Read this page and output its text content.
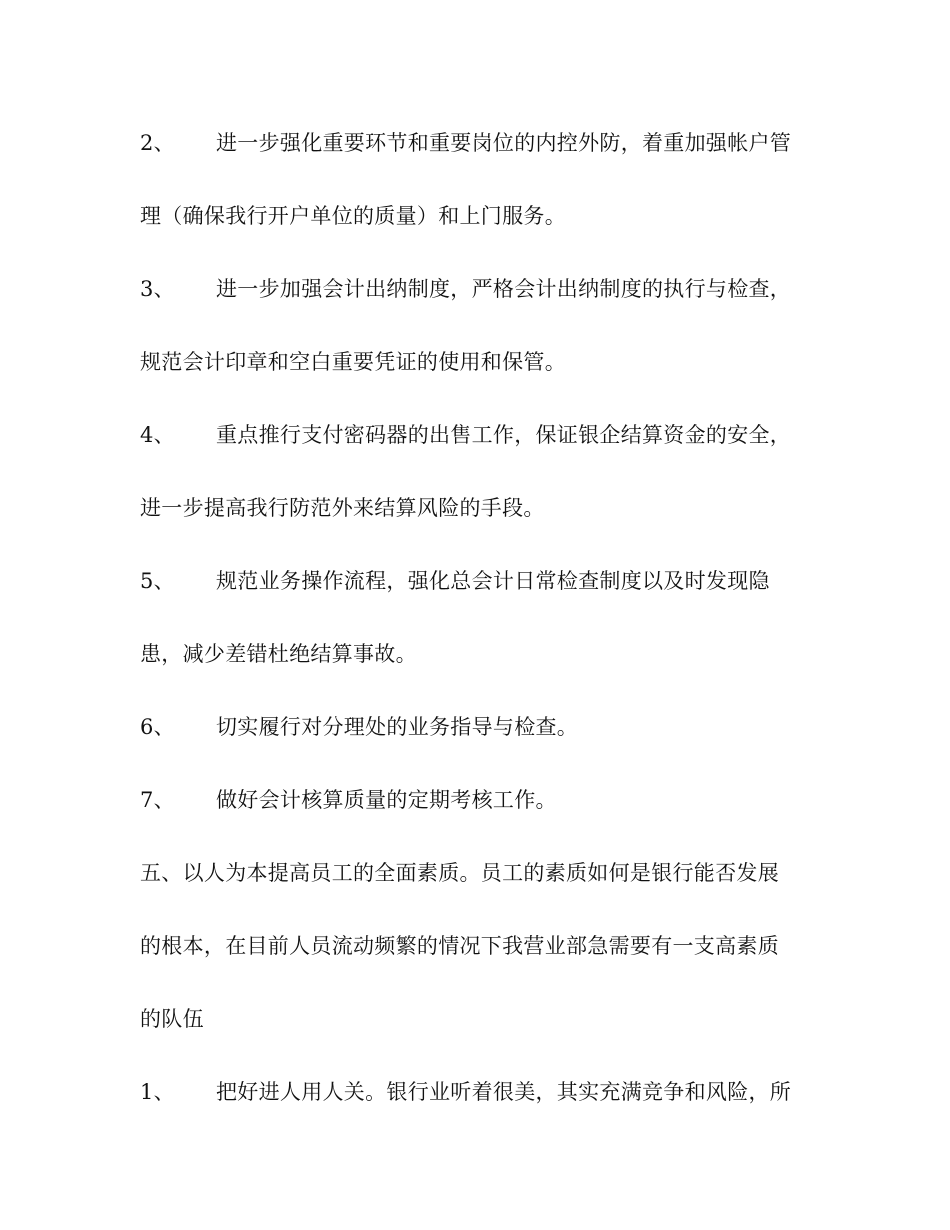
2、 进一步强化重要环节和重要岗位的内控外防，着重加强帐户管
理（确保我行开户单位的质量）和上门服务。
3、 进一步加强会计出纳制度，严格会计出纳制度的执行与检查，
规范会计印章和空白重要凭证的使用和保管。
4、 重点推行支付密码器的出售工作，保证银企结算资金的安全，
进一步提高我行防范外来结算风险的手段。
5、 规范业务操作流程，强化总会计日常检查制度以及时发现隐
患，减少差错杜绝结算事故。
6、 切实履行对分理处的业务指导与检查。
7、 做好会计核算质量的定期考核工作。
五、以人为本提高员工的全面素质。员工的素质如何是银行能否发展
的根本，在目前人员流动频繁的情况下我营业部急需要有一支高素质
的队伍
1、 把好进人用人关。银行业听着很美，其实充满竞争和风险，所
